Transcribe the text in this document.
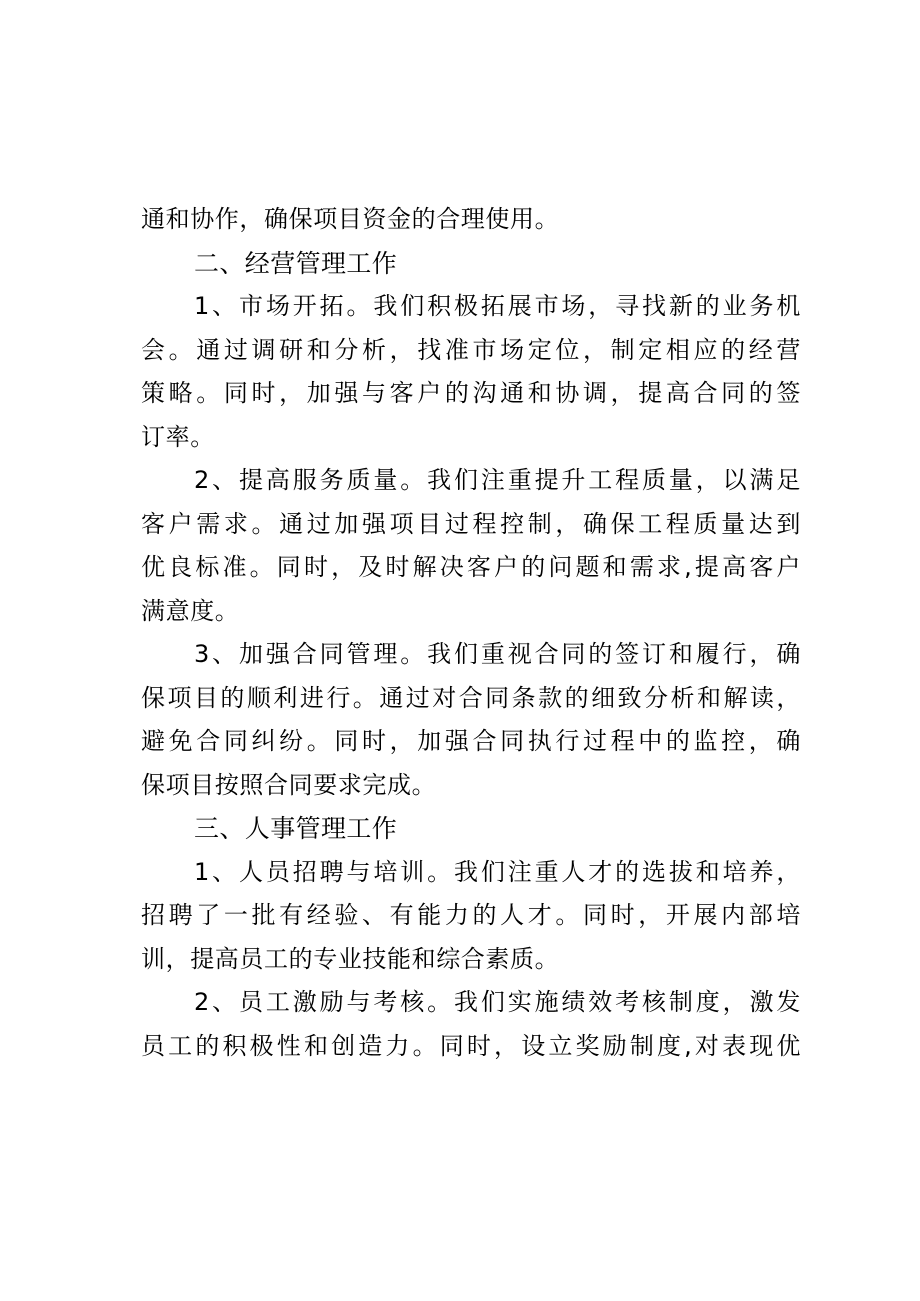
通和协作，确保项目资金的合理使用。
二、经营管理工作
1、市场开拓。我们积极拓展市场，寻找新的业务机
会。通过调研和分析，找准市场定位，制定相应的经营
策略。同时，加强与客户的沟通和协调，提高合同的签
订率。
2、提高服务质量。我们注重提升工程质量，以满足
客户需求。通过加强项目过程控制，确保工程质量达到
优良标准。同时，及时解决客户的问题和需求,提高客户
满意度。
3、加强合同管理。我们重视合同的签订和履行，确
保项目的顺利进行。通过对合同条款的细致分析和解读，
避免合同纠纷。同时，加强合同执行过程中的监控，确
保项目按照合同要求完成。
三、人事管理工作
1、人员招聘与培训。我们注重人才的选拔和培养，
招聘了一批有经验、有能力的人才。同时，开展内部培
训，提高员工的专业技能和综合素质。
2、员工激励与考核。我们实施绩效考核制度，激发
员工的积极性和创造力。同时，设立奖励制度,对表现优
